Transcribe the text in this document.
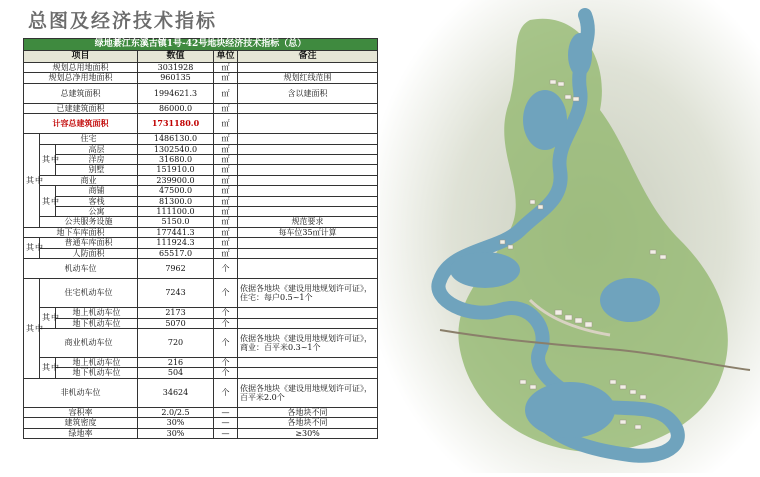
总图及经济技术指标
绿地綦江东溪古镇1号-42号地块经济技术指标（总）					
项目			数值	单位	备注
规划总用地面积			3031928	㎡	
规划总净用地面积			960135	㎡	规划红线范围
总建筑面积			1994621.3	㎡	含以建面积
已建建筑面积			86000.0	㎡	
计容总建筑面积			1731180.0	㎡	
其中	住宅		1486130.0	㎡	
	其中	高层	1302540.0	㎡	
		洋房	31680.0	㎡	
		别墅	151910.0	㎡	
	商业		239900.0	㎡	
	其中	商铺	47500.0	㎡	
		客栈	81300.0	㎡	
		公寓	111100.0	㎡	
	公共服务设施		5150.0	㎡	规范要求
地下车库面积			177441.3	㎡	每车位35㎡计算
其中	普通车库面积		111924.3	㎡	
	人防面积		65517.0	㎡	
机动车位			7962	个	
其中	住宅机动车位		7243	个	依据各地块《建设用地规划许可证》，住宅：每户0.5~1个
	其中	地上机动车位	2173	个	
		地下机动车位	5070	个	
	商业机动车位		720	个	依据各地块《建设用地规划许可证》，商业：百平米0.3~1个
	其中	地上机动车位	216	个	
		地下机动车位	504	个	
非机动车位			34624	个	依据各地块《建设用地规划许可证》，百平米2.0个
容积率			2.0/2.5	—	各地块不同
建筑密度			30%	—	各地块不同
绿地率			30%	—	≥30%
